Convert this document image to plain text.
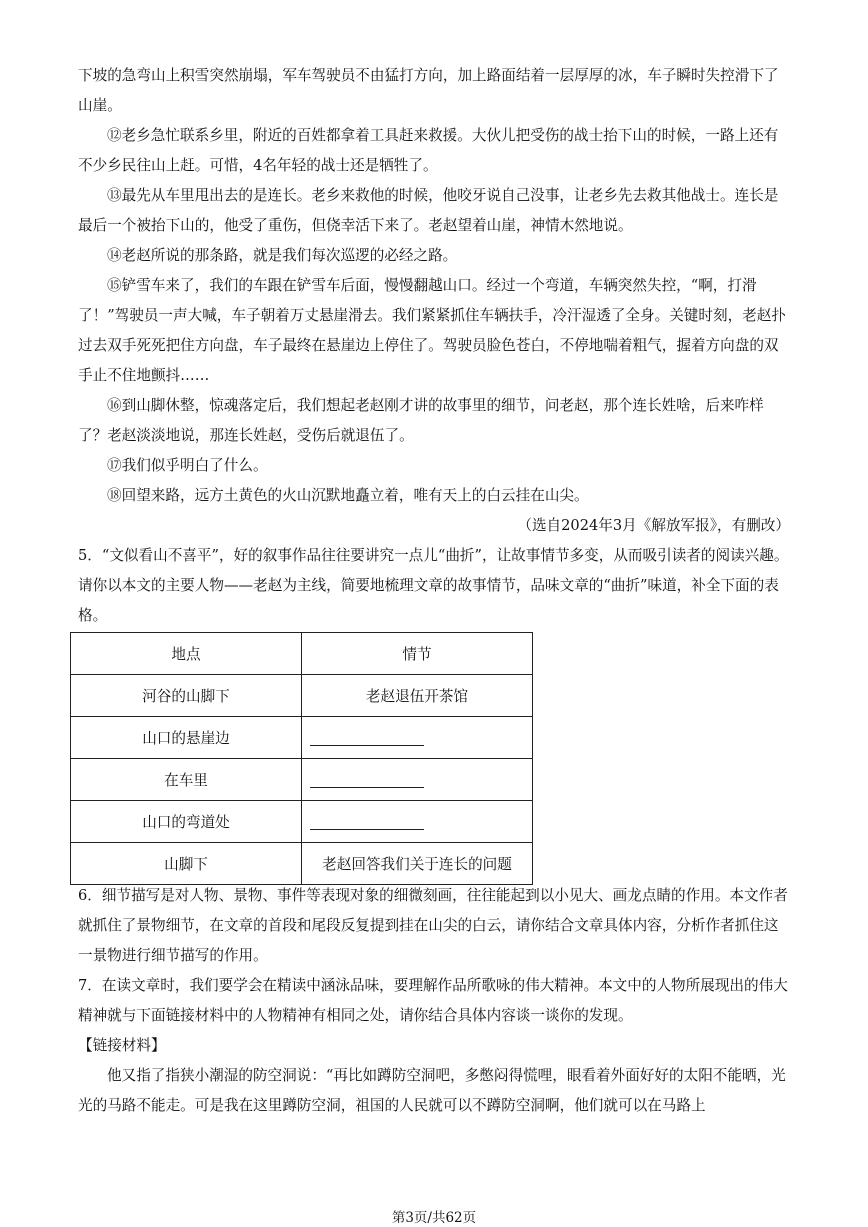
下坡的急弯山上积雪突然崩塌，军车驾驶员不由猛打方向，加上路面结着一层厚厚的冰，车子瞬时失控滑下了山崖。

⑫老乡急忙联系乡里，附近的百姓都拿着工具赶来救援。大伙儿把受伤的战士抬下山的时候，一路上还有不少乡民往山上赶。可惜，4名年轻的战士还是牺牲了。

⑬最先从车里甩出去的是连长。老乡来救他的时候，他咬牙说自己没事，让老乡先去救其他战士。连长是最后一个被抬下山的，他受了重伤，但侥幸活下来了。老赵望着山崖，神情木然地说。

⑭老赵所说的那条路，就是我们每次巡逻的必经之路。

⑮铲雪车来了，我们的车跟在铲雪车后面，慢慢翻越山口。经过一个弯道，车辆突然失控，“啊，打滑了！”驾驶员一声大喊，车子朝着万丈悬崖滑去。我们紧紧抓住车辆扶手，冷汗湿透了全身。关键时刻，老赵扑过去双手死死把住方向盘，车子最终在悬崖边上停住了。驾驶员脸色苍白，不停地喘着粗气，握着方向盘的双手止不住地颤抖……

⑯到山脚休整，惊魂落定后，我们想起老赵刚才讲的故事里的细节，问老赵，那个连长姓啥，后来咋样了？老赵淡淡地说，那连长姓赵，受伤后就退伍了。

⑰我们似乎明白了什么。

⑱回望来路，远方土黄色的火山沉默地矗立着，唯有天上的白云挂在山尖。

（选自2024年3月《解放军报》，有删改）

5．“文似看山不喜平”，好的叙事作品往往要讲究一点儿“曲折”，让故事情节多变，从而吸引读者的阅读兴趣。请你以本文的主要人物——老赵为主线，简要地梳理文章的故事情节，品味文章的“曲折”味道，补全下面的表格。

地点	情节
河谷的山脚下	老赵退伍开茶馆
山口的悬崖边	
在车里	
山口的弯道处	
山脚下	老赵回答我们关于连长的问题

6．细节描写是对人物、景物、事件等表现对象的细微刻画，往往能起到以小见大、画龙点睛的作用。本文作者就抓住了景物细节，在文章的首段和尾段反复提到挂在山尖的白云，请你结合文章具体内容，分析作者抓住这一景物进行细节描写的作用。

7．在读文章时，我们要学会在精读中涵泳品味，要理解作品所歌咏的伟大精神。本文中的人物所展现出的伟大精神就与下面链接材料中的人物精神有相同之处，请你结合具体内容谈一谈你的发现。

【链接材料】

他又指了指狭小潮湿的防空洞说：“再比如蹲防空洞吧，多憋闷得慌哩，眼看着外面好好的太阳不能晒，光光的马路不能走。可是我在这里蹲防空洞，祖国的人民就可以不蹲防空洞啊，他们就可以在马路上

第3页/共62页
